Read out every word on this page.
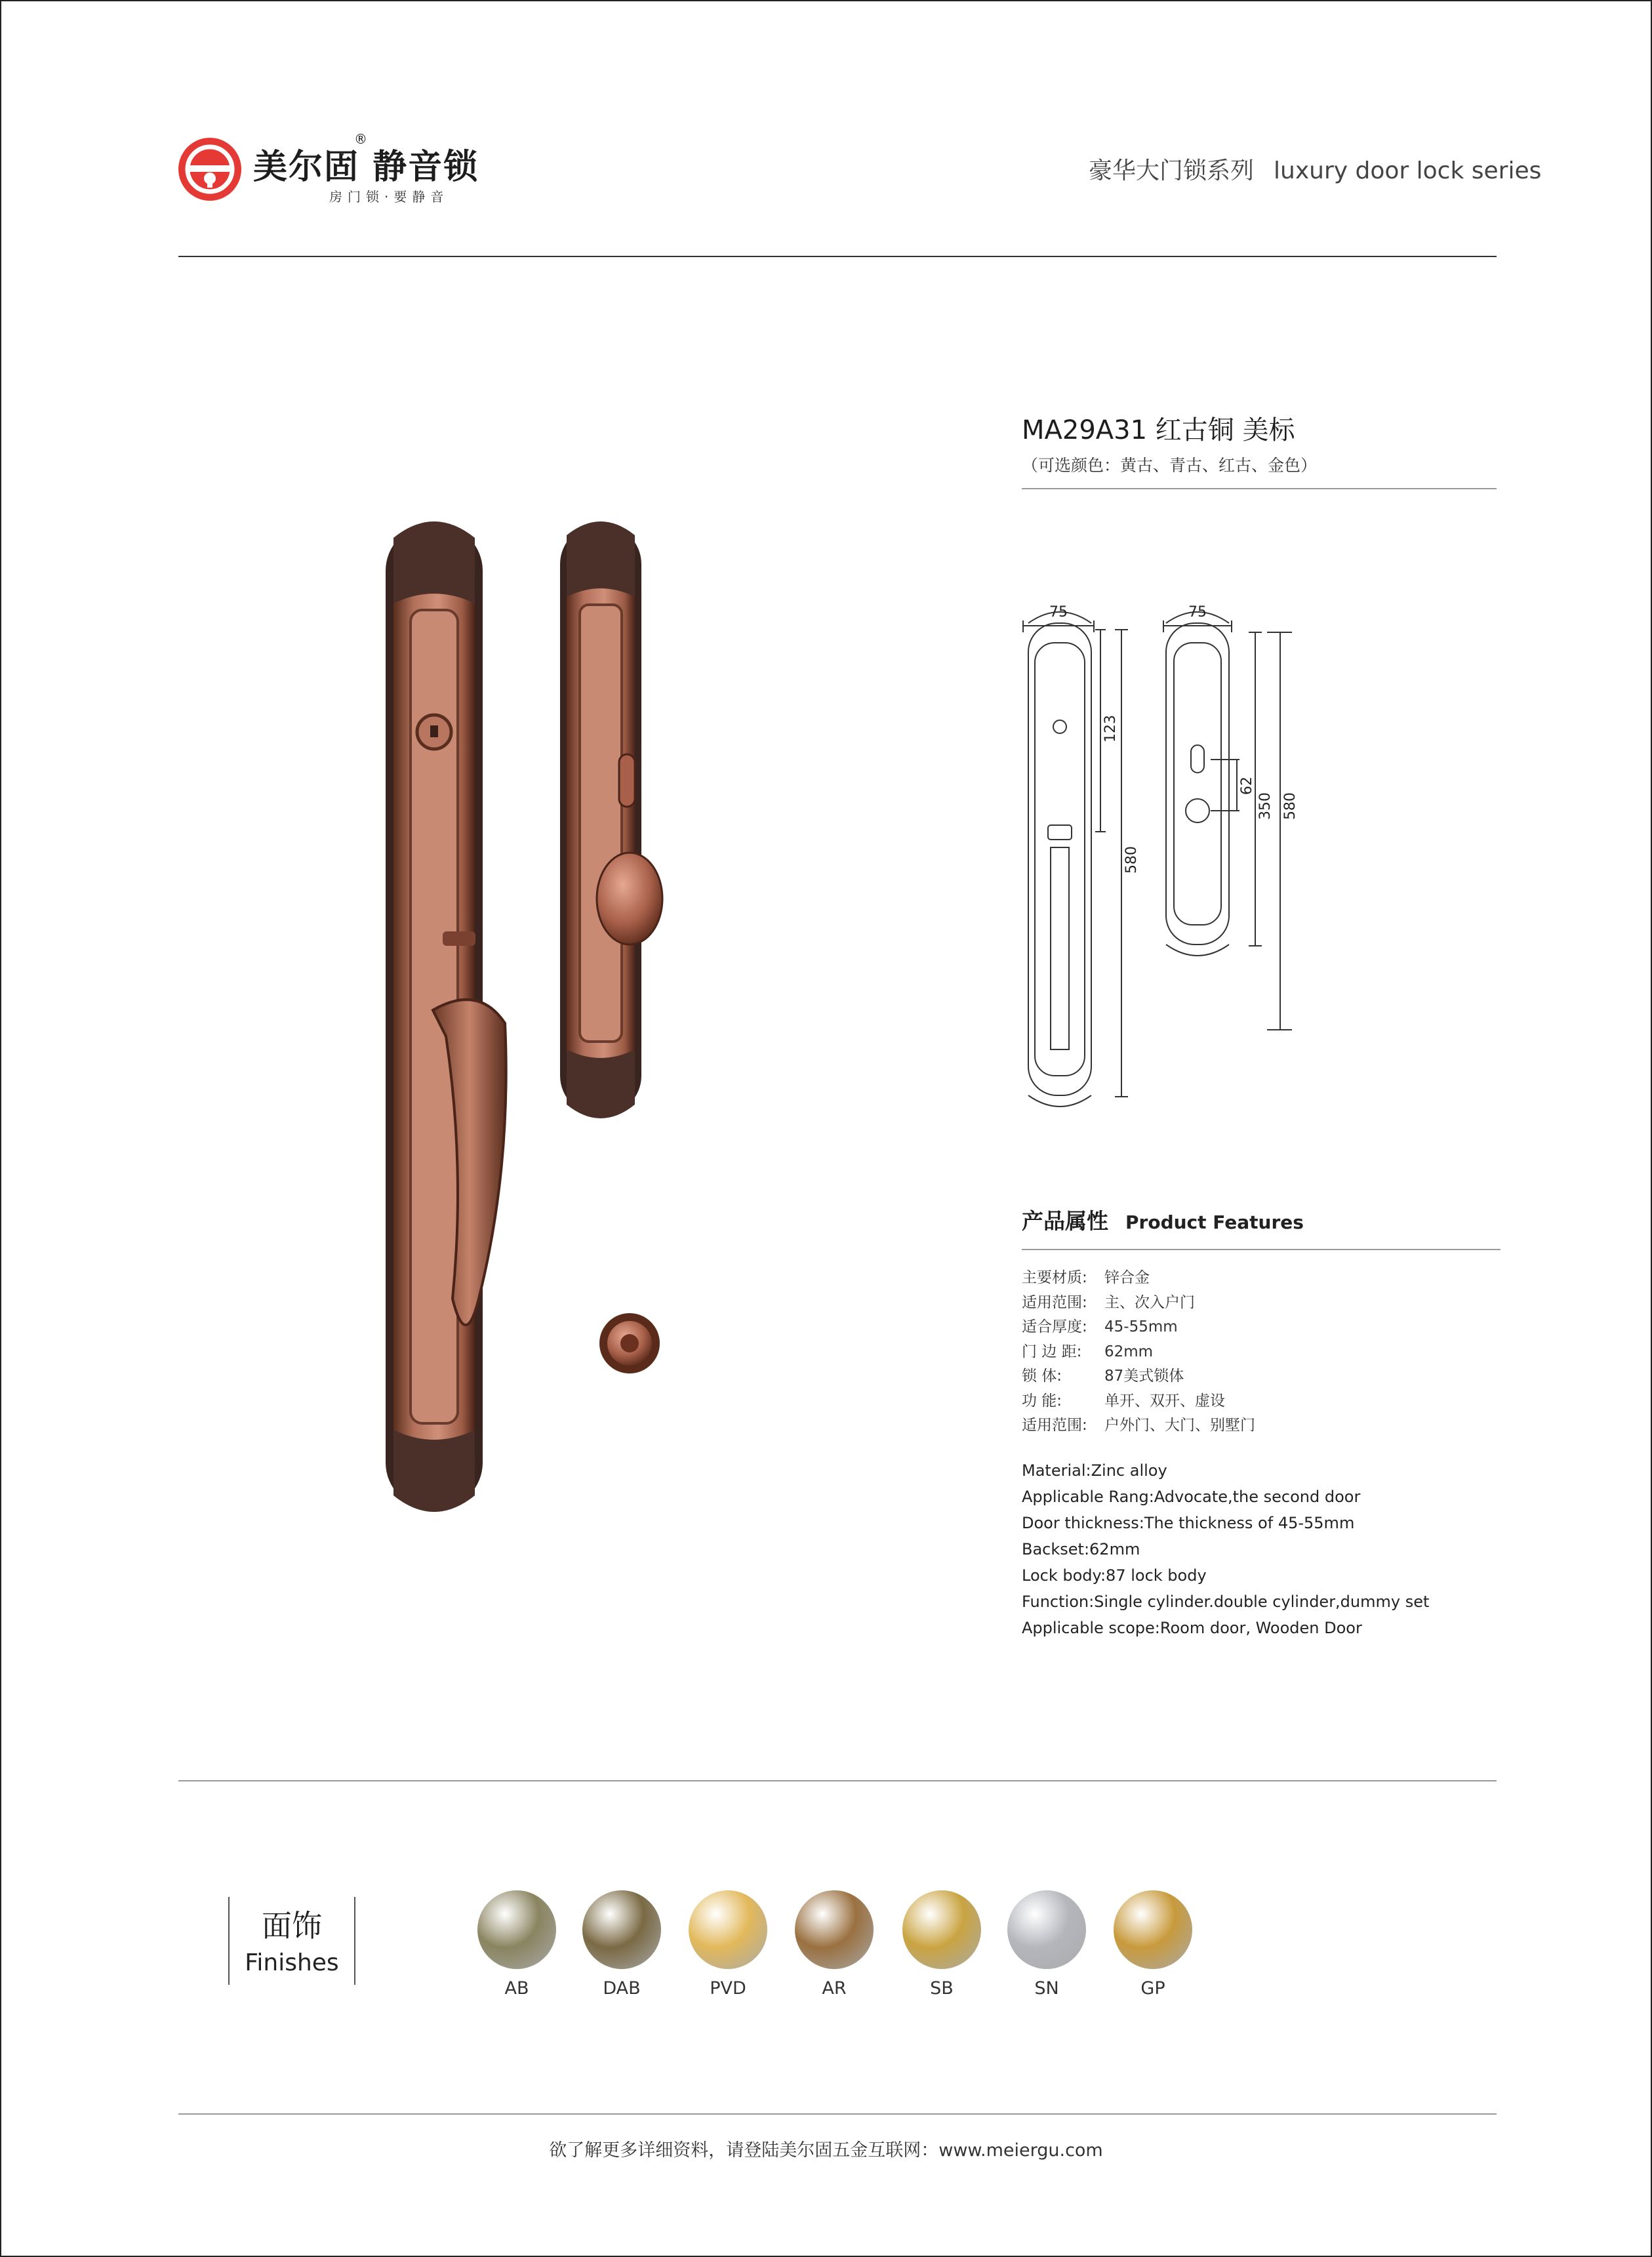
美尔固 静音锁
®
房门锁·要静音
豪华大门锁系列 luxury door lock series
MA29A31 红古铜 美标
（可选颜色：黄古、青古、红古、金色）
75	75
123
580
62
350 580
产品属性 Product Features
主要材质: 锌合金
适用范围: 主、次入户门
适合厚度: 45-55mm
门 边 距: 62mm
锁 体:	87美式锁体
功 能:	单开、双开、虚设
适用范围: 户外门、大门、别墅门
Material:Zinc alloy
Applicable Rang:Advocate,the second door
Door thickness:The thickness of 45-55mm
Backset:62mm
Lock body:87 lock body
Function:Single cylinder.double cylinder,dummy set
Applicable scope:Room door, Wooden Door
面饰
Finishes
AB	DAB	PVD	AR	SB	SN	GP
欲了解更多详细资料，请登陆美尔固五金互联网：www.meiergu.com
